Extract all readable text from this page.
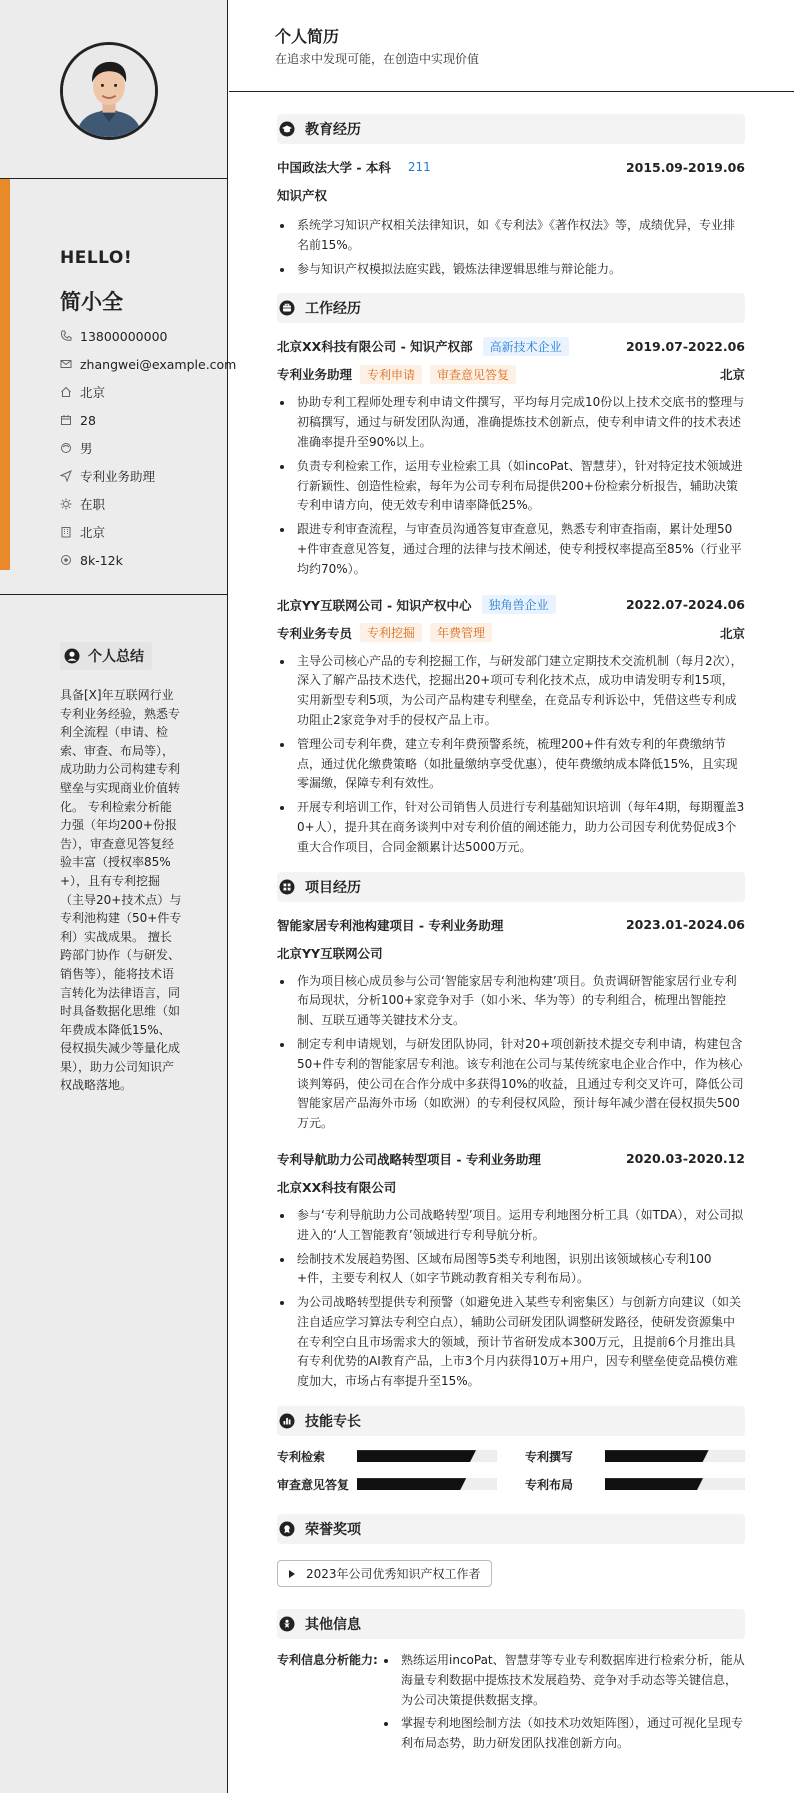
HELLO!
简小全
13800000000
zhangwei@example.com
北京
28
男
专利业务助理
在职
北京
8k-12k
个人总结
具备[X]年互联网行业专利业务经验，熟悉专利全流程（申请、检索、审查、布局等），成功助力公司构建专利壁垒与实现商业价值转化。 专利检索分析能力强（年均200+份报告），审查意见答复经验丰富（授权率85%+），且有专利挖掘（主导20+技术点）与专利池构建（50+件专利）实战成果。 擅长跨部门协作（与研发、销售等），能将技术语言转化为法律语言，同时具备数据化思维（如年费成本降低15%、侵权损失减少等量化成果），助力公司知识产权战略落地。
个人简历
在追求中发现可能，在创造中实现价值
教育经历
中国政法大学 - 本科	211	2015.09-2019.06
知识产权
系统学习知识产权相关法律知识，如《专利法》《著作权法》等，成绩优异，专业排名前15%。
参与知识产权模拟法庭实践，锻炼法律逻辑思维与辩论能力。
工作经历
北京XX科技有限公司 - 知识产权部	高新技术企业	2019.07-2022.06
专利业务助理	专利申请	审查意见答复	北京
协助专利工程师处理专利申请文件撰写，平均每月完成10份以上技术交底书的整理与初稿撰写，通过与研发团队沟通，准确提炼技术创新点，使专利申请文件的技术表述准确率提升至90%以上。
负责专利检索工作，运用专业检索工具（如incoPat、智慧芽），针对特定技术领域进行新颖性、创造性检索，每年为公司专利布局提供200+份检索分析报告，辅助决策专利申请方向，使无效专利申请率降低25%。
跟进专利审查流程，与审查员沟通答复审查意见，熟悉专利审查指南，累计处理50+件审查意见答复，通过合理的法律与技术阐述，使专利授权率提高至85%（行业平均约70%）。
北京YY互联网公司 - 知识产权中心	独角兽企业	2022.07-2024.06
专利业务专员	专利挖掘	年费管理	北京
主导公司核心产品的专利挖掘工作，与研发部门建立定期技术交流机制（每月2次），深入了解产品技术迭代，挖掘出20+项可专利化技术点，成功申请发明专利15项，实用新型专利5项，为公司产品构建专利壁垒，在竞品专利诉讼中，凭借这些专利成功阻止2家竞争对手的侵权产品上市。
管理公司专利年费，建立专利年费预警系统，梳理200+件有效专利的年费缴纳节点，通过优化缴费策略（如批量缴纳享受优惠），使年费缴纳成本降低15%，且实现零漏缴，保障专利有效性。
开展专利培训工作，针对公司销售人员进行专利基础知识培训（每年4期，每期覆盖30+人），提升其在商务谈判中对专利价值的阐述能力，助力公司因专利优势促成3个重大合作项目，合同金额累计达5000万元。
项目经历
智能家居专利池构建项目 - 专利业务助理	2023.01-2024.06
北京YY互联网公司
作为项目核心成员参与公司‘智能家居专利池构建’项目。负责调研智能家居行业专利布局现状，分析100+家竞争对手（如小米、华为等）的专利组合，梳理出智能控制、互联互通等关键技术分支。
制定专利申请规划，与研发团队协同，针对20+项创新技术提交专利申请，构建包含50+件专利的智能家居专利池。该专利池在公司与某传统家电企业合作中，作为核心谈判筹码，使公司在合作分成中多获得10%的收益，且通过专利交叉许可，降低公司智能家居产品海外市场（如欧洲）的专利侵权风险，预计每年减少潜在侵权损失500万元。
专利导航助力公司战略转型项目 - 专利业务助理	2020.03-2020.12
北京XX科技有限公司
参与‘专利导航助力公司战略转型’项目。运用专利地图分析工具（如TDA），对公司拟进入的‘人工智能教育’领域进行专利导航分析。
绘制技术发展趋势图、区域布局图等5类专利地图，识别出该领域核心专利100+件，主要专利权人（如字节跳动教育相关专利布局）。
为公司战略转型提供专利预警（如避免进入某些专利密集区）与创新方向建议（如关注自适应学习算法专利空白点），辅助公司研发团队调整研发路径，使研发资源集中在专利空白且市场需求大的领域，预计节省研发成本300万元，且提前6个月推出具有专利优势的AI教育产品，上市3个月内获得10万+用户，因专利壁垒使竞品模仿难度加大，市场占有率提升至15%。
技能专长
专利检索	专利撰写
审查意见答复	专利布局
荣誉奖项
2023年公司优秀知识产权工作者
其他信息
专利信息分析能力:	熟练运用incoPat、智慧芽等专业专利数据库进行检索分析，能从海量专利数据中提炼技术发展趋势、竞争对手动态等关键信息，为公司决策提供数据支撑。
掌握专利地图绘制方法（如技术功效矩阵图），通过可视化呈现专利布局态势，助力研发团队找准创新方向。
